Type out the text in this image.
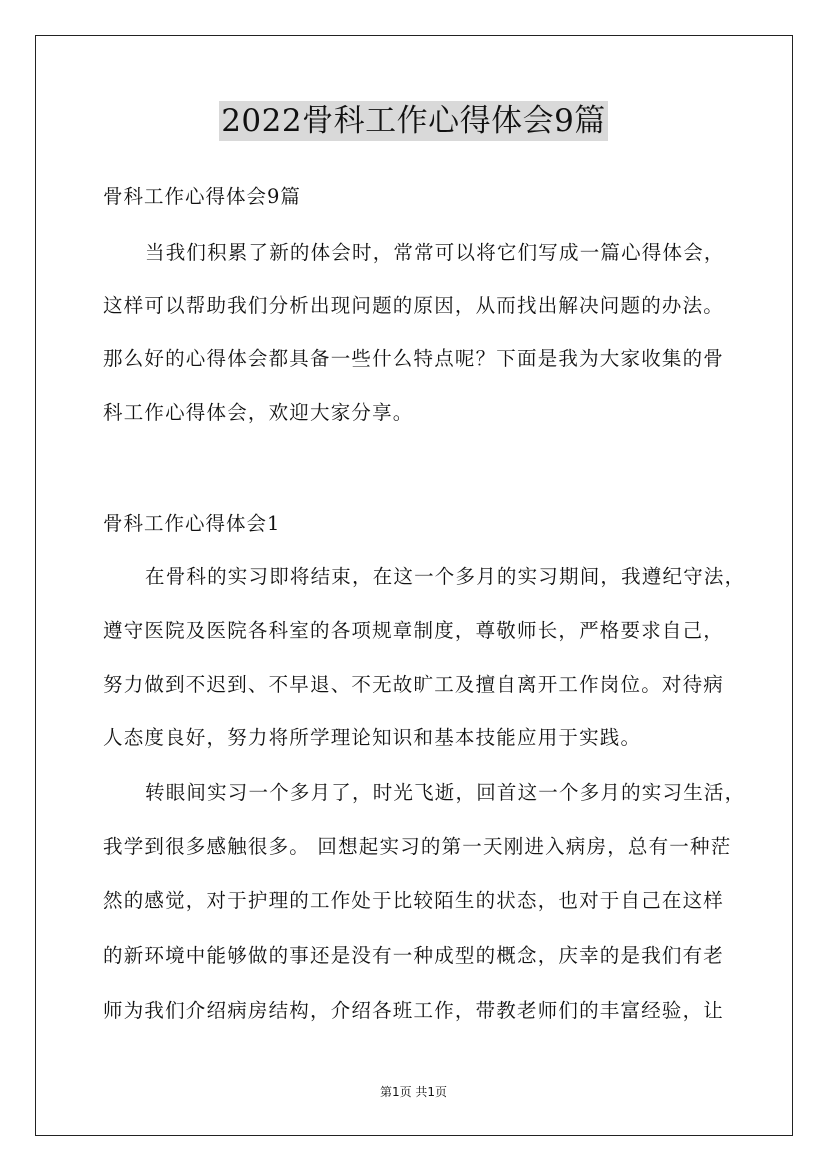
2022骨科工作心得体会9篇
骨科工作心得体会9篇
当我们积累了新的体会时，常常可以将它们写成一篇心得体会，
这样可以帮助我们分析出现问题的原因，从而找出解决问题的办法。
那么好的心得体会都具备一些什么特点呢？下面是我为大家收集的骨
科工作心得体会，欢迎大家分享。
骨科工作心得体会1
在骨科的实习即将结束，在这一个多月的实习期间，我遵纪守法，
遵守医院及医院各科室的各项规章制度，尊敬师长，严格要求自己，
努力做到不迟到、不早退、不无故旷工及擅自离开工作岗位。对待病
人态度良好，努力将所学理论知识和基本技能应用于实践。
转眼间实习一个多月了，时光飞逝，回首这一个多月的实习生活，
我学到很多感触很多。 回想起实习的第一天刚进入病房，总有一种茫
然的感觉，对于护理的工作处于比较陌生的状态，也对于自己在这样
的新环境中能够做的事还是没有一种成型的概念，庆幸的是我们有老
师为我们介绍病房结构，介绍各班工作，带教老师们的丰富经验，让
第1页 共1页
